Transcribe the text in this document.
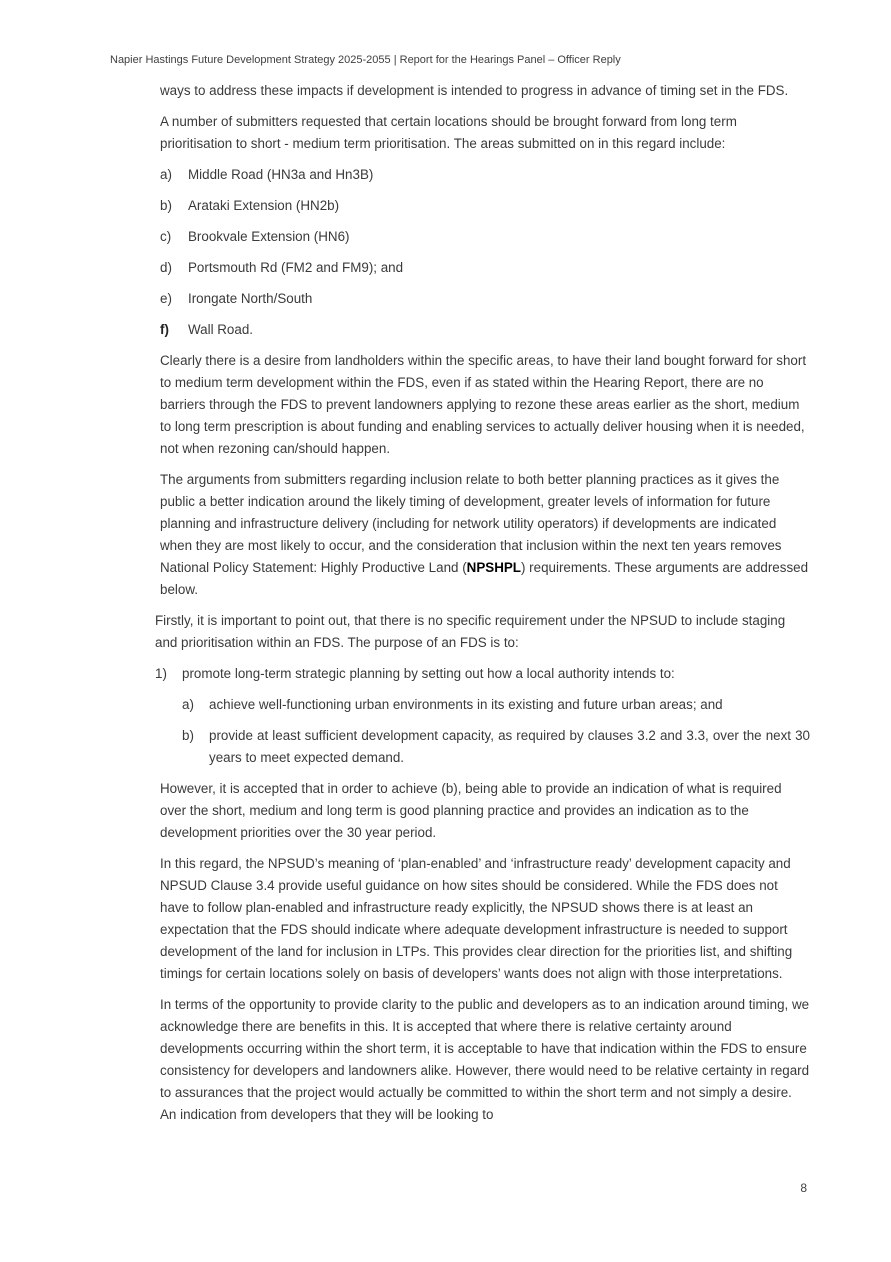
Napier Hastings Future Development Strategy 2025-2055 | Report for the Hearings Panel – Officer Reply

ways to address these impacts if development is intended to progress in advance of timing set in the FDS.

A number of submitters requested that certain locations should be brought forward from long term prioritisation to short - medium term prioritisation. The areas submitted on in this regard include:

a) Middle Road (HN3a and Hn3B)
b) Arataki Extension (HN2b)
c) Brookvale Extension (HN6)
d) Portsmouth Rd (FM2 and FM9); and
e) Irongate North/South
f) Wall Road.

Clearly there is a desire from landholders within the specific areas, to have their land bought forward for short to medium term development within the FDS, even if as stated within the Hearing Report, there are no barriers through the FDS to prevent landowners applying to rezone these areas earlier as the short, medium to long term prescription is about funding and enabling services to actually deliver housing when it is needed, not when rezoning can/should happen.

The arguments from submitters regarding inclusion relate to both better planning practices as it gives the public a better indication around the likely timing of development, greater levels of information for future planning and infrastructure delivery (including for network utility operators) if developments are indicated when they are most likely to occur, and the consideration that inclusion within the next ten years removes National Policy Statement: Highly Productive Land (NPSHPL) requirements. These arguments are addressed below.

Firstly, it is important to point out, that there is no specific requirement under the NPSUD to include staging and prioritisation within an FDS. The purpose of an FDS is to:

1) promote long-term strategic planning by setting out how a local authority intends to:
a) achieve well-functioning urban environments in its existing and future urban areas; and
b) provide at least sufficient development capacity, as required by clauses 3.2 and 3.3, over the next 30 years to meet expected demand.

However, it is accepted that in order to achieve (b), being able to provide an indication of what is required over the short, medium and long term is good planning practice and provides an indication as to the development priorities over the 30 year period.

In this regard, the NPSUD’s meaning of ‘plan-enabled’ and ‘infrastructure ready’ development capacity and NPSUD Clause 3.4 provide useful guidance on how sites should be considered. While the FDS does not have to follow plan-enabled and infrastructure ready explicitly, the NPSUD shows there is at least an expectation that the FDS should indicate where adequate development infrastructure is needed to support development of the land for inclusion in LTPs. This provides clear direction for the priorities list, and shifting timings for certain locations solely on basis of developers’ wants does not align with those interpretations.

In terms of the opportunity to provide clarity to the public and developers as to an indication around timing, we acknowledge there are benefits in this. It is accepted that where there is relative certainty around developments occurring within the short term, it is acceptable to have that indication within the FDS to ensure consistency for developers and landowners alike. However, there would need to be relative certainty in regard to assurances that the project would actually be committed to within the short term and not simply a desire. An indication from developers that they will be looking to

8
